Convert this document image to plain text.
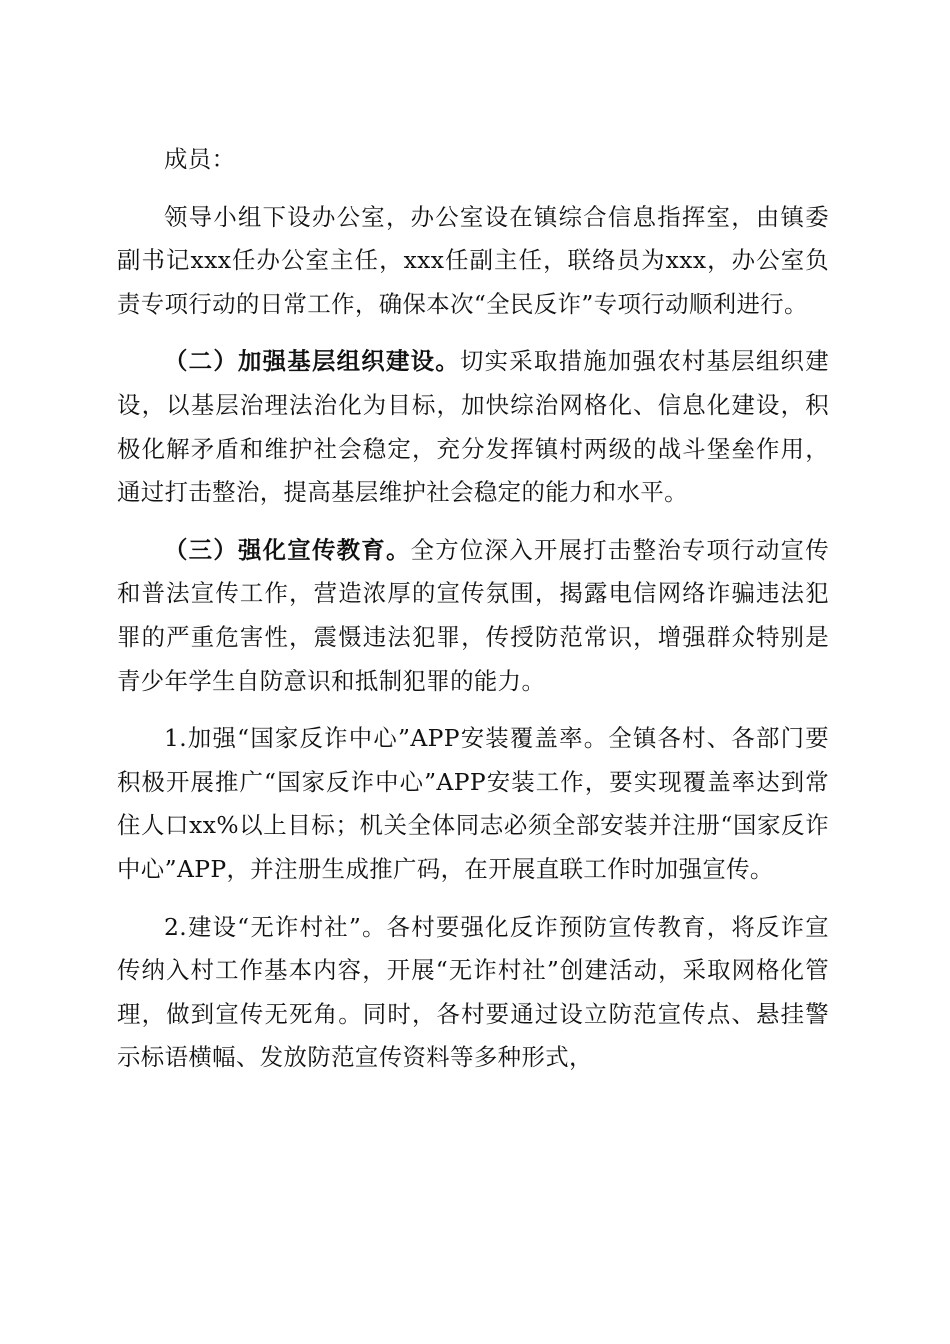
成员：

领导小组下设办公室，办公室设在镇综合信息指挥室，由镇委副书记xxx任办公室主任，xxx任副主任，联络员为xxx，办公室负责专项行动的日常工作，确保本次“全民反诈”专项行动顺利进行。

（二）加强基层组织建设。切实采取措施加强农村基层组织建设，以基层治理法治化为目标，加快综治网格化、信息化建设，积极化解矛盾和维护社会稳定，充分发挥镇村两级的战斗堡垒作用，通过打击整治，提高基层维护社会稳定的能力和水平。

（三）强化宣传教育。全方位深入开展打击整治专项行动宣传和普法宣传工作，营造浓厚的宣传氛围，揭露电信网络诈骗违法犯罪的严重危害性，震慑违法犯罪，传授防范常识，增强群众特别是青少年学生自防意识和抵制犯罪的能力。

1.加强“国家反诈中心”APP安装覆盖率。全镇各村、各部门要积极开展推广“国家反诈中心”APP安装工作，要实现覆盖率达到常住人口xx%以上目标；机关全体同志必须全部安装并注册“国家反诈中心”APP，并注册生成推广码，在开展直联工作时加强宣传。

2.建设“无诈村社”。各村要强化反诈预防宣传教育，将反诈宣传纳入村工作基本内容，开展“无诈村社”创建活动，采取网格化管理，做到宣传无死角。同时，各村要通过设立防范宣传点、悬挂警示标语横幅、发放防范宣传资料等多种形式，
